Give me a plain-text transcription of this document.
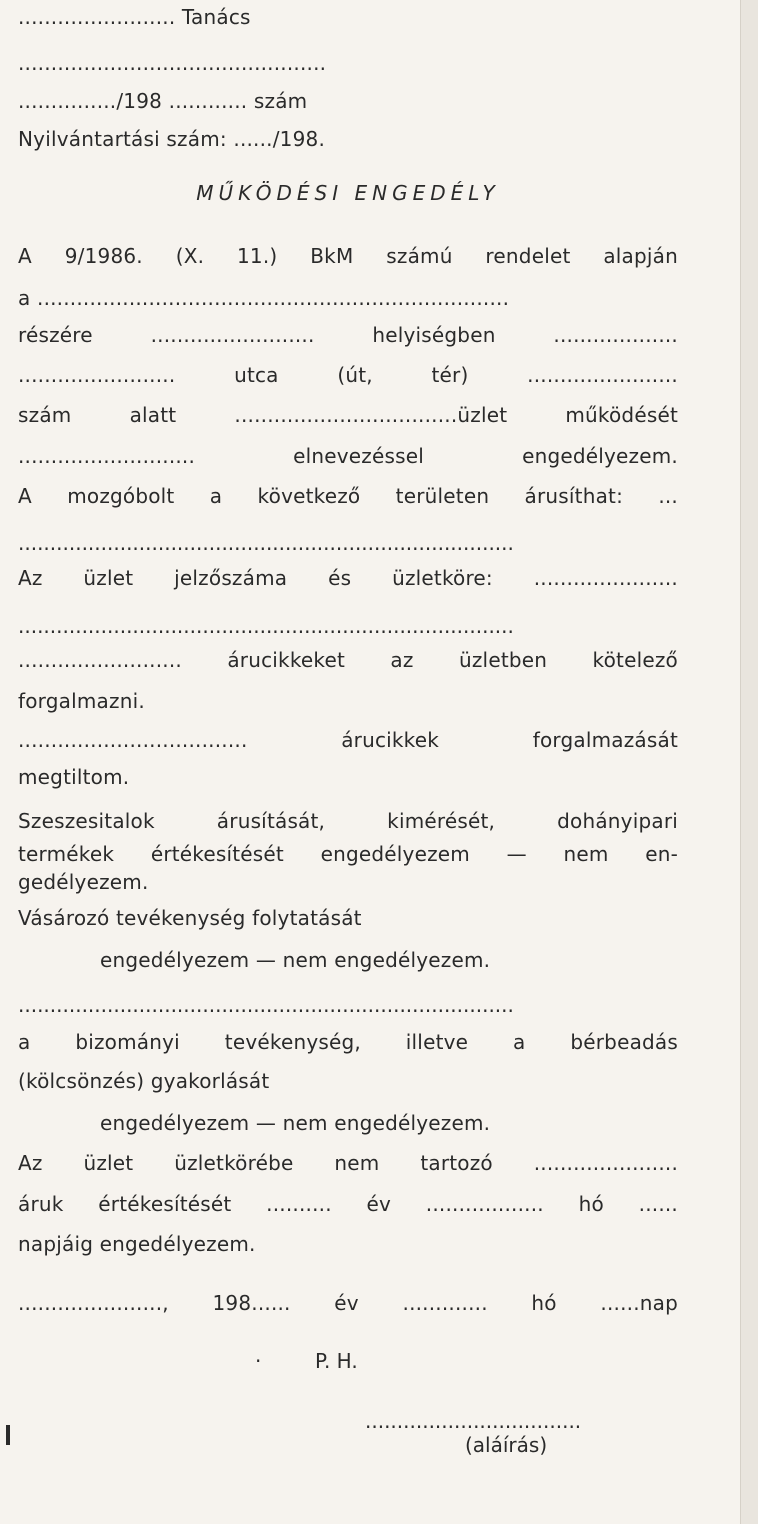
........................ Tanács
...............................................
.............../198 ............ szám
Nyilvántartási szám: ....../198.
MŰKÖDÉSI ENGEDÉLY
A 9/1986. (X. 11.) BkM számú rendelet alapján
a ........................................................................
részére ......................... helyiségben ...................
........................ utca (út, tér) .......................
szám alatt ..................................üzlet működését
........................... elnevezéssel engedélyezem.
A mozgóbolt a következő területen árusíthat: ...
..............................................................................
Az üzlet jelzőszáma és üzletköre: ......................
..............................................................................
......................... árucikkeket az üzletben kötelező
forgalmazni.
................................... árucikkek forgalmazását
megtiltom.
Szeszesitalok árusítását, kimérését, dohányipari
termékek értékesítését engedélyezem — nem en-
gedélyezem.
Vásározó tevékenység folytatását
engedélyezem — nem engedélyezem.
..............................................................................
a bizományi tevékenység, illetve a bérbeadás
(kölcsönzés) gyakorlását
engedélyezem — nem engedélyezem.
Az üzlet üzletkörébe nem tartozó ......................
áruk értékesítését .......... év .................. hó ......
napjáig engedélyezem.
......................, 198...... év ............. hó ......nap
·	P. H.
..................................
(aláírás)
